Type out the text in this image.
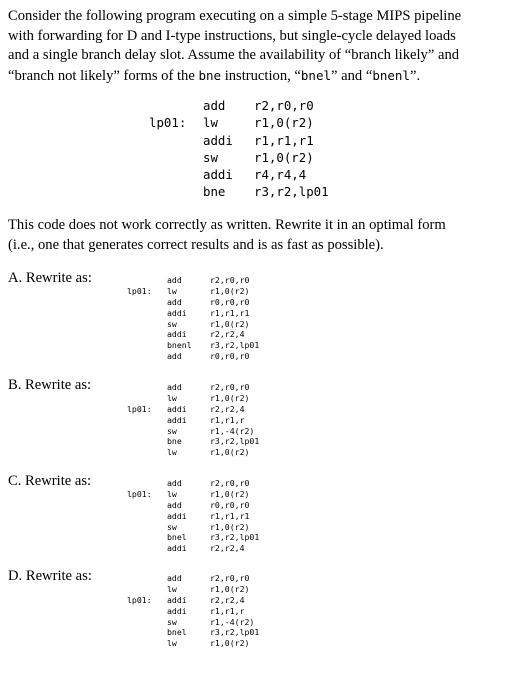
Consider the following program executing on a simple 5-stage MIPS pipeline
with forwarding for D and I-type instructions, but single-cycle delayed loads
and a single branch delay slot. Assume the availability of “branch likely” and
“branch not likely” forms of the bne instruction, “bnel” and “bnenl”.

add r2,r0,r0
lp01: lw	r1,0(r2)
addi r1,r1,r1
sw	r1,0(r2)
addi r4,r4,4
bne r3,r2,lp01

This code does not work correctly as written. Rewrite it in an optimal form
(i.e., one that generates correct results and is as fast as possible).

A. Rewrite as:	add	r2,r0,r0
lp01: lw	r1,0(r2)
add	r0,r0,r0
addi	r1,r1,r1
sw	r1,0(r2)
addi	r2,r2,4
bnenl r3,r2,lp01
add	r0,r0,r0

B. Rewrite as:	add	r2,r0,r0
lw	r1,0(r2)
lp01: addi	r2,r2,4
addi	r1,r1,r
sw	r1,-4(r2)
bne	r3,r2,lp01
lw	r1,0(r2)

C. Rewrite as:	add	r2,r0,r0
lp01: lw	r1,0(r2)
add	r0,r0,r0
addi	r1,r1,r1
sw	r1,0(r2)
bnel	r3,r2,lp01
addi	r2,r2,4

D. Rewrite as:	add	r2,r0,r0
lw	r1,0(r2)
lp01: addi	r2,r2,4
addi	r1,r1,r
sw	r1,-4(r2)
bnel	r3,r2,lp01
lw	r1,0(r2)
